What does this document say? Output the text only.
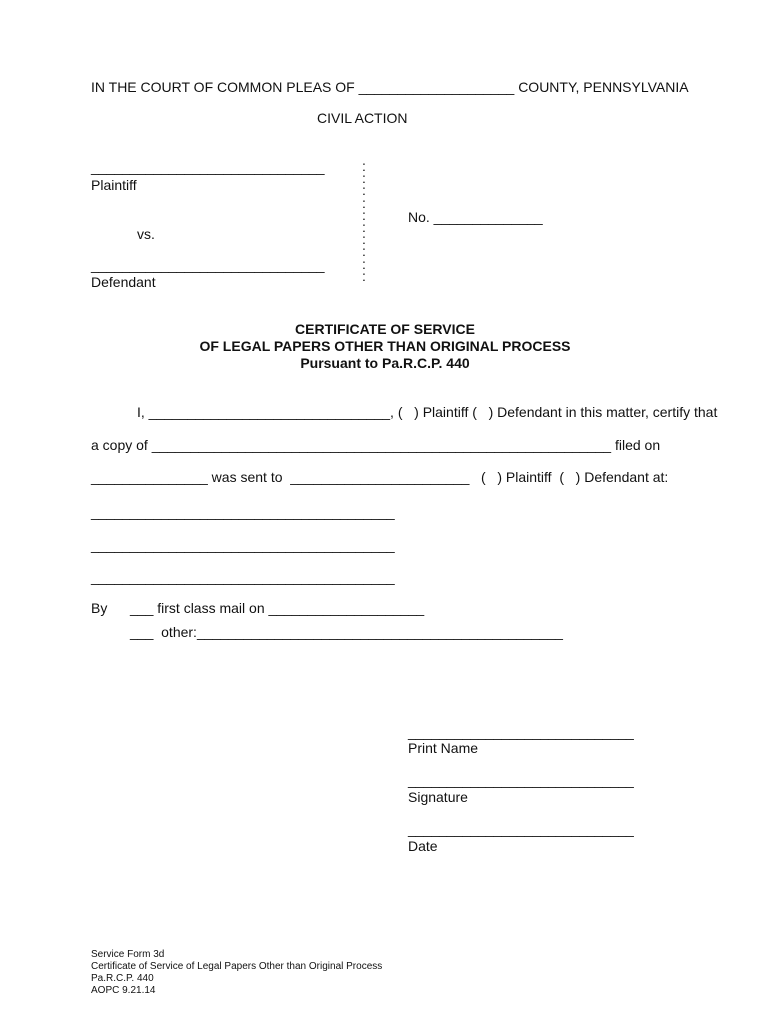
IN THE COURT OF COMMON PLEAS OF ____________________ COUNTY, PENNSYLVANIA
CIVIL ACTION
______________________________
Plaintiff
vs.
______________________________
Defendant
:
:
:
:
:
:
:
:
:
:
No. ______________
CERTIFICATE OF SERVICE
OF LEGAL PAPERS OTHER THAN ORIGINAL PROCESS
Pursuant to Pa.R.C.P. 440
I, _______________________________, (   ) Plaintiff (   ) Defendant in this matter, certify that
a copy of ___________________________________________________________ filed on
_______________ was sent to  _______________________   (   ) Plaintiff  (   ) Defendant at:
_______________________________________
_______________________________________
_______________________________________
By ___ first class mail on ____________________
___  other:_______________________________________________
_____________________________
Print Name
_____________________________
Signature
_____________________________
Date
Service Form 3d
Certificate of Service of Legal Papers Other than Original Process
Pa.R.C.P. 440
AOPC 9.21.14
